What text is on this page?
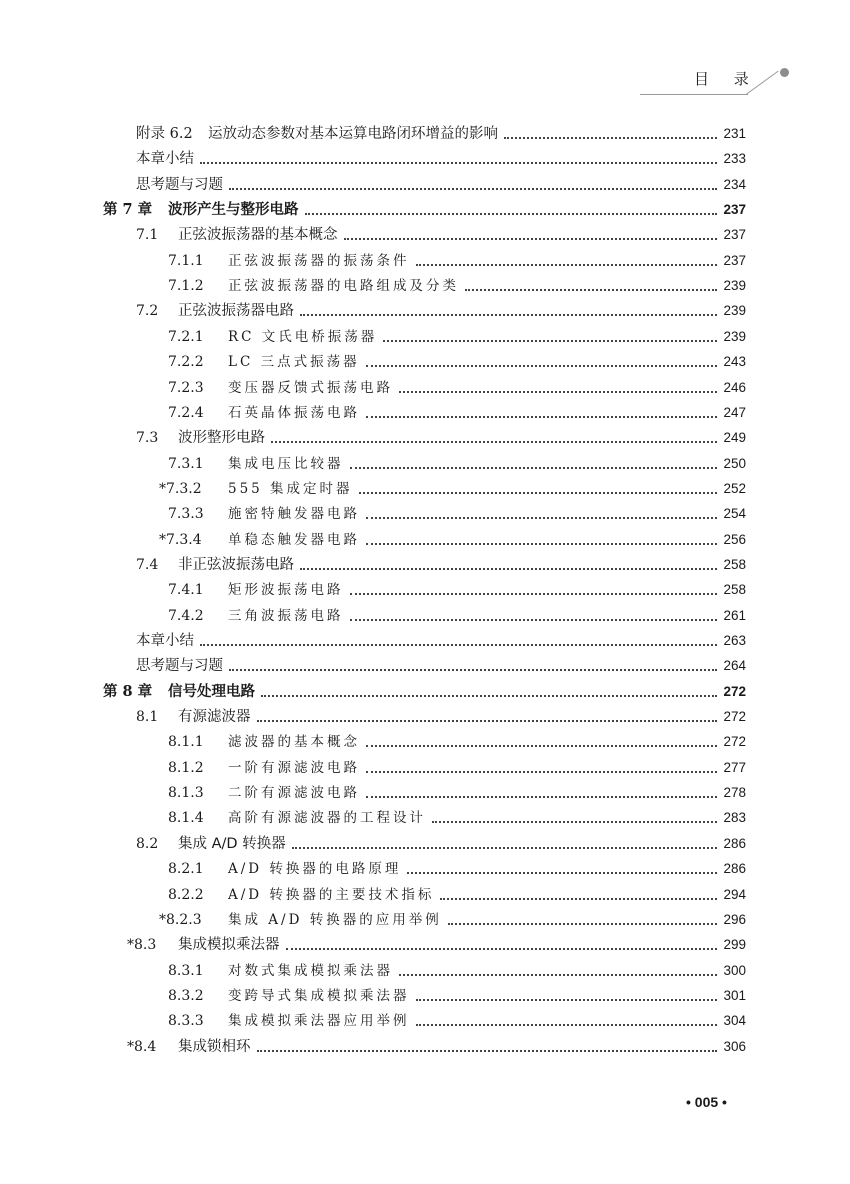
目 录
附录 6.2	运放动态参数对基本运算电路闭环增益的影响	231
本章小结	233
思考题与习题	234
第 7 章	波形产生与整形电路	237
7.1	正弦波振荡器的基本概念	237
7.1.1	正弦波振荡器的振荡条件	237
7.1.2	正弦波振荡器的电路组成及分类	239
7.2	正弦波振荡器电路	239
7.2.1	RC 文氏电桥振荡器	239
7.2.2	LC 三点式振荡器	243
7.2.3	变压器反馈式振荡电路	246
7.2.4	石英晶体振荡电路	247
7.3	波形整形电路	249
7.3.1	集成电压比较器	250
*7.3.2	555 集成定时器	252
7.3.3	施密特触发器电路	254
*7.3.4	单稳态触发器电路	256
7.4	非正弦波振荡电路	258
7.4.1	矩形波振荡电路	258
7.4.2	三角波振荡电路	261
本章小结	263
思考题与习题	264
第 8 章	信号处理电路	272
8.1	有源滤波器	272
8.1.1	滤波器的基本概念	272
8.1.2	一阶有源滤波电路	277
8.1.3	二阶有源滤波电路	278
8.1.4	高阶有源滤波器的工程设计	283
8.2	集成 A/D 转换器	286
8.2.1	A/D 转换器的电路原理	286
8.2.2	A/D 转换器的主要技术指标	294
*8.2.3	集成 A/D 转换器的应用举例	296
*8.3	集成模拟乘法器	299
8.3.1	对数式集成模拟乘法器	300
8.3.2	变跨导式集成模拟乘法器	301
8.3.3	集成模拟乘法器应用举例	304
*8.4	集成锁相环	306
• 005 •
